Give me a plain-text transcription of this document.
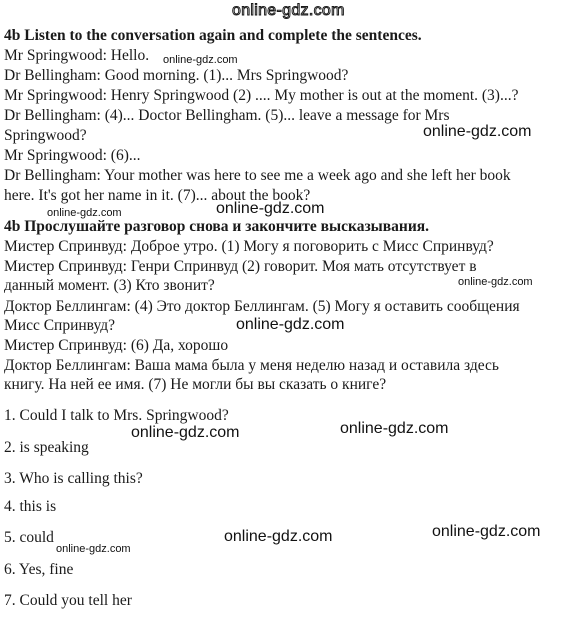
online-gdz.com
4b Listen to the conversation again and complete the sentences.
Mr Springwood: Hello.
Dr Bellingham: Good morning. (1)... Mrs Springwood?
Mr Springwood: Henry Springwood (2) .... My mother is out at the moment. (3)...?
Dr Bellingham: (4)... Doctor Bellingham. (5)... leave a message for Mrs
Springwood?
Mr Springwood: (6)...
Dr Bellingham: Your mother was here to see me a week ago and she left her book
here. It's got her name in it. (7)... about the book?
4b Прослушайте разговор снова и закончите высказывания.
Мистер Спринвуд: Доброе утро. (1) Могу я поговорить с Мисс Спринвуд?
Мистер Спринвуд: Генри Спринвуд (2) говорит. Моя мать отсутствует в
данный момент. (3) Кто звонит?
Доктор Беллингам: (4) Это доктор Беллингам. (5) Могу я оставить сообщения
Мисс Спринвуд?
Мистер Спринвуд: (6) Да, хорошо
Доктор Беллингам: Ваша мама была у меня неделю назад и оставила здесь
книгу. На ней ее имя. (7) Не могли бы вы сказать о книге?
1. Could I talk to Mrs. Springwood?
2. is speaking
3. Who is calling this?
4. this is
5. could
6. Yes, fine
7. Could you tell her
online-gdz.com
online-gdz.com
online-gdz.com
online-gdz.com
online-gdz.com
online-gdz.com
online-gdz.com
online-gdz.com
online-gdz.com
online-gdz.com
online-gdz.com
